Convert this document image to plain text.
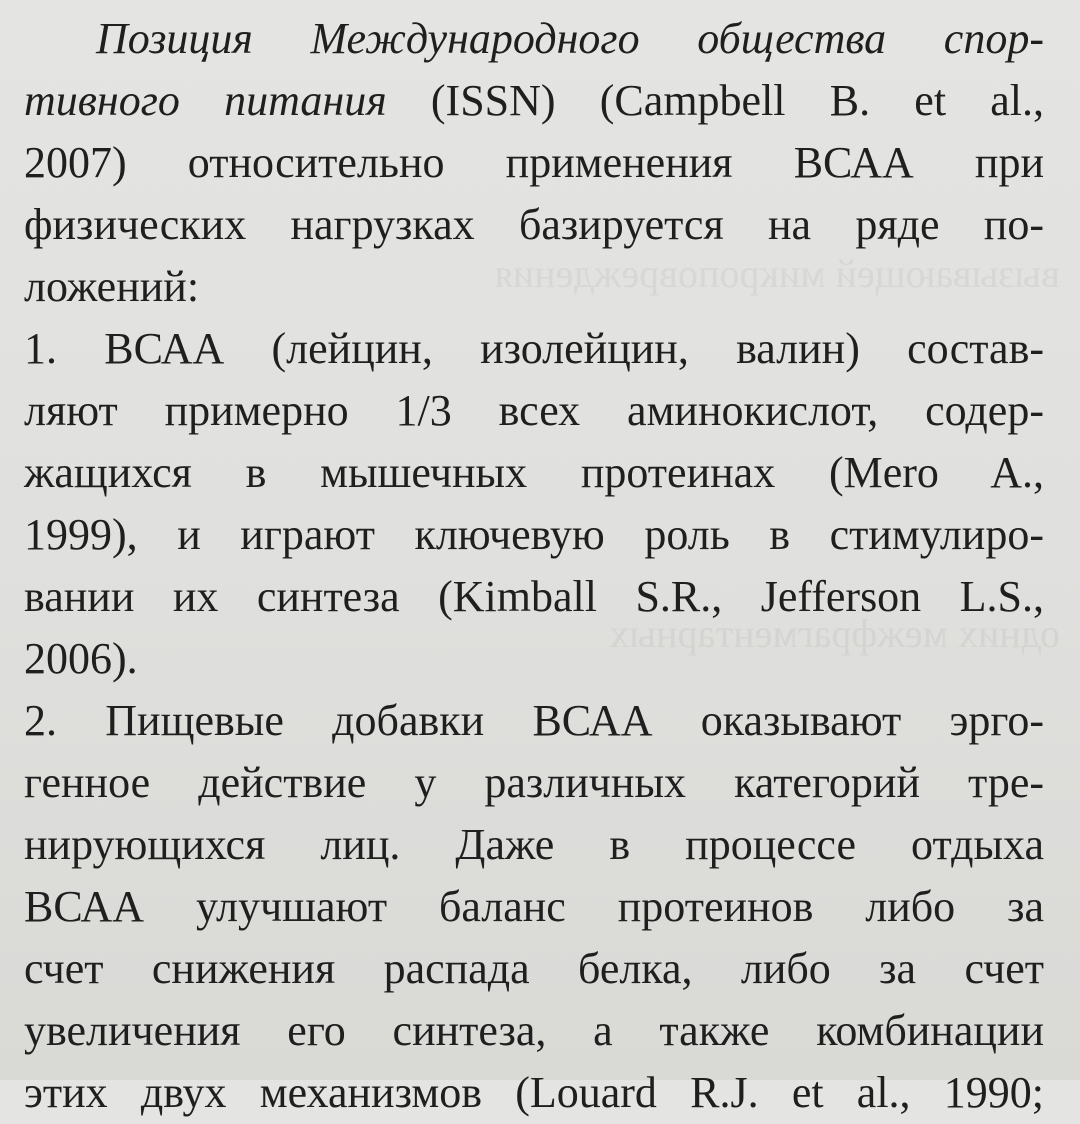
вызывающей микроповреждения
одних межфрагментарных
Позиция Международного общества спор-
тивного питания (ISSN) (Campbell B. et al.,
2007) относительно применения ВСАА при
физических нагрузках базируется на ряде по-
ложений:
1. ВСАА (лейцин, изолейцин, валин) состав-
ляют примерно 1/3 всех аминокислот, содер-
жащихся в мышечных протеинах (Mero A.,
1999), и играют ключевую роль в стимулиро-
вании их синтеза (Kimball S.R., Jefferson L.S.,
2006).
2. Пищевые добавки ВСАА оказывают эрго-
генное действие у различных категорий тре-
нирующихся лиц. Даже в процессе отдыха
ВСАА улучшают баланс протеинов либо за
счет снижения распада белка, либо за счет
увеличения его синтеза, а также комбинации
этих двух механизмов (Louard R.J. et al., 1990;
